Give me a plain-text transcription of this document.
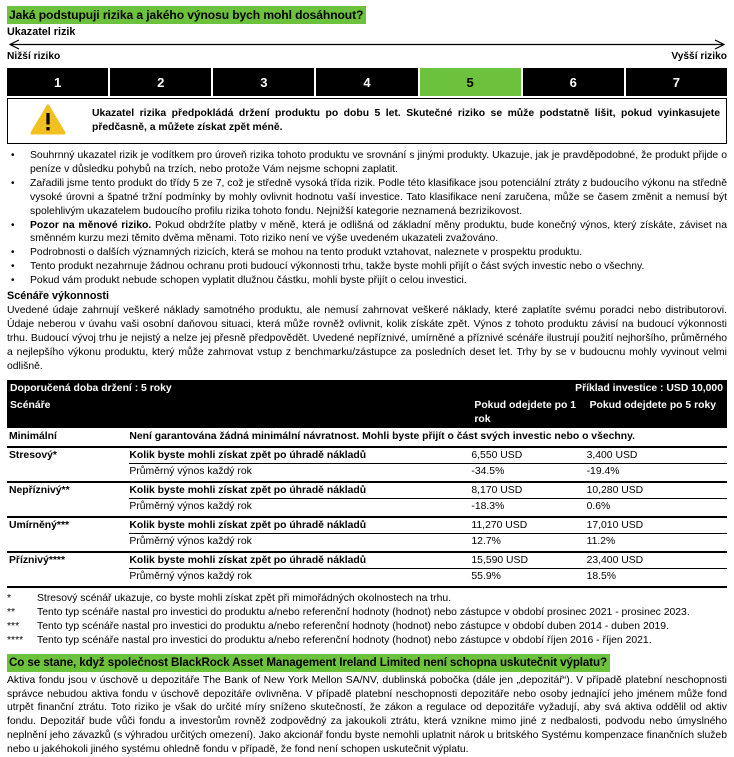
Jaká podstupuji rizika a jakého výnosu bych mohl dosáhnout?
Ukazatel rizik
Nižší riziko	Vyšší riziko
1	2	3	4	5	6	7
Ukazatel rizika předpokládá držení produktu po dobu 5 let. Skutečné riziko se může podstatně lišit, pokud vyinkasujete předčasně, a můžete získat zpět méně.
•	Souhrnný ukazatel rizik je vodítkem pro úroveň rizika tohoto produktu ve srovnání s jinými produkty. Ukazuje, jak je pravděpodobné, že produkt přijde o peníze v důsledku pohybů na trzích, nebo protože Vám nejsme schopni zaplatit.
•	Zařadili jsme tento produkt do třídy 5 ze 7, což je středně vysoká třída rizik. Podle této klasifikace jsou potenciální ztráty z budoucího výkonu na středně vysoké úrovni a špatné tržní podmínky by mohly ovlivnit hodnotu vaší investice. Tato klasifikace není zaručena, může se časem změnit a nemusí být spolehlivým ukazatelem budoucího profilu rizika tohoto fondu. Nejnižší kategorie neznamená bezrizikovost.
•	Pozor na měnové riziko. Pokud obdržíte platby v měně, která je odlišná od základní měny produktu, bude konečný výnos, který získáte, záviset na směnném kurzu mezi těmito dvěma měnami. Toto riziko není ve výše uvedeném ukazateli zvažováno.
•	Podrobnosti o dalších významných rizicích, která se mohou na tento produkt vztahovat, naleznete v prospektu produktu.
•	Tento produkt nezahrnuje žádnou ochranu proti budoucí výkonnosti trhu, takže byste mohli přijít o část svých investic nebo o všechny.
•	Pokud vám produkt nebude schopen vyplatit dlužnou částku, mohli byste přijít o celou investici.
Scénáře výkonnosti

Uvedené údaje zahrnují veškeré náklady samotného produktu, ale nemusí zahrnovat veškeré náklady, které zaplatíte svému poradci nebo distributorovi. Údaje neberou v úvahu vaši osobní daňovou situaci, která může rovněž ovlivnit, kolik získáte zpět. Výnos z tohoto produktu závisí na budoucí výkonnosti trhu. Budoucí vývoj trhu je nejistý a nelze jej přesně předpovědět. Uvedené nepříznivé, umírněné a příznivé scénáře ilustrují použití nejhoršího, průměrného a nejlepšího výkonu produktu, který může zahrnovat vstup z benchmarku/zástupce za posledních deset let. Trhy by se v budoucnu mohly vyvinout velmi odlišně.

Doporučená doba držení : 5 roky		Příklad investice : USD 10,000	
Scénáře		Pokud odejdete po 1 rok	Pokud odejdete po 5 roky
Minimální	Není garantována žádná minimální návratnost. Mohli byste přijít o část svých investic nebo o všechny.		
Stresový*	Kolik byste mohli získat zpět po úhradě nákladů	6,550 USD	3,400 USD
	Průměrný výnos každý rok	-34.5%	-19.4%
Nepříznivý**	Kolik byste mohli získat zpět po úhradě nákladů	8,170 USD	10,280 USD
	Průměrný výnos každý rok	-18.3%	0.6%
Umírněný***	Kolik byste mohli získat zpět po úhradě nákladů	11,270 USD	17,010 USD
	Průměrný výnos každý rok	12.7%	11.2%
Příznivý****	Kolik byste mohli získat zpět po úhradě nákladů	15,590 USD	23,400 USD
	Průměrný výnos každý rok	55.9%	18.5%
*	Stresový scénář ukazuje, co byste mohli získat zpět při mimořádných okolnostech na trhu.
**	Tento typ scénáře nastal pro investici do produktu a/nebo referenční hodnoty (hodnot) nebo zástupce v období prosinec 2021 - prosinec 2023.
***	Tento typ scénáře nastal pro investici do produktu a/nebo referenční hodnoty (hodnot) nebo zástupce v období duben 2014 - duben 2019.
****	Tento typ scénáře nastal pro investici do produktu a/nebo referenční hodnoty (hodnot) nebo zástupce v období říjen 2016 - říjen 2021.
Co se stane, když společnost BlackRock Asset Management Ireland Limited není schopna uskutečnit výplatu?

Aktiva fondu jsou v úschově u depozitáře The Bank of New York Mellon SA/NV, dublinská pobočka (dále jen „depozitář“). V případě platební neschopnosti správce nebudou aktiva fondu v úschově depozitáře ovlivněna. V případě platební neschopnosti depozitáře nebo osoby jednající jeho jménem může fond utrpět finanční ztrátu. Toto riziko je však do určité míry sníženo skutečností, že zákon a regulace od depozitáře vyžadují, aby svá aktiva oddělil od aktiv fondu. Depozitář bude vůči fondu a investorům rovněž zodpovědný za jakoukoli ztrátu, která vznikne mimo jiné z nedbalosti, podvodu nebo úmyslného neplnění jeho závazků (s výhradou určitých omezení). Jako akcionář fondu byste nemohli uplatnit nárok u britského Systému kompenzace finančních služeb nebo u jakéhokoli jiného systému ohledně fondu v případě, že fond není schopen uskutečnit výplatu.
